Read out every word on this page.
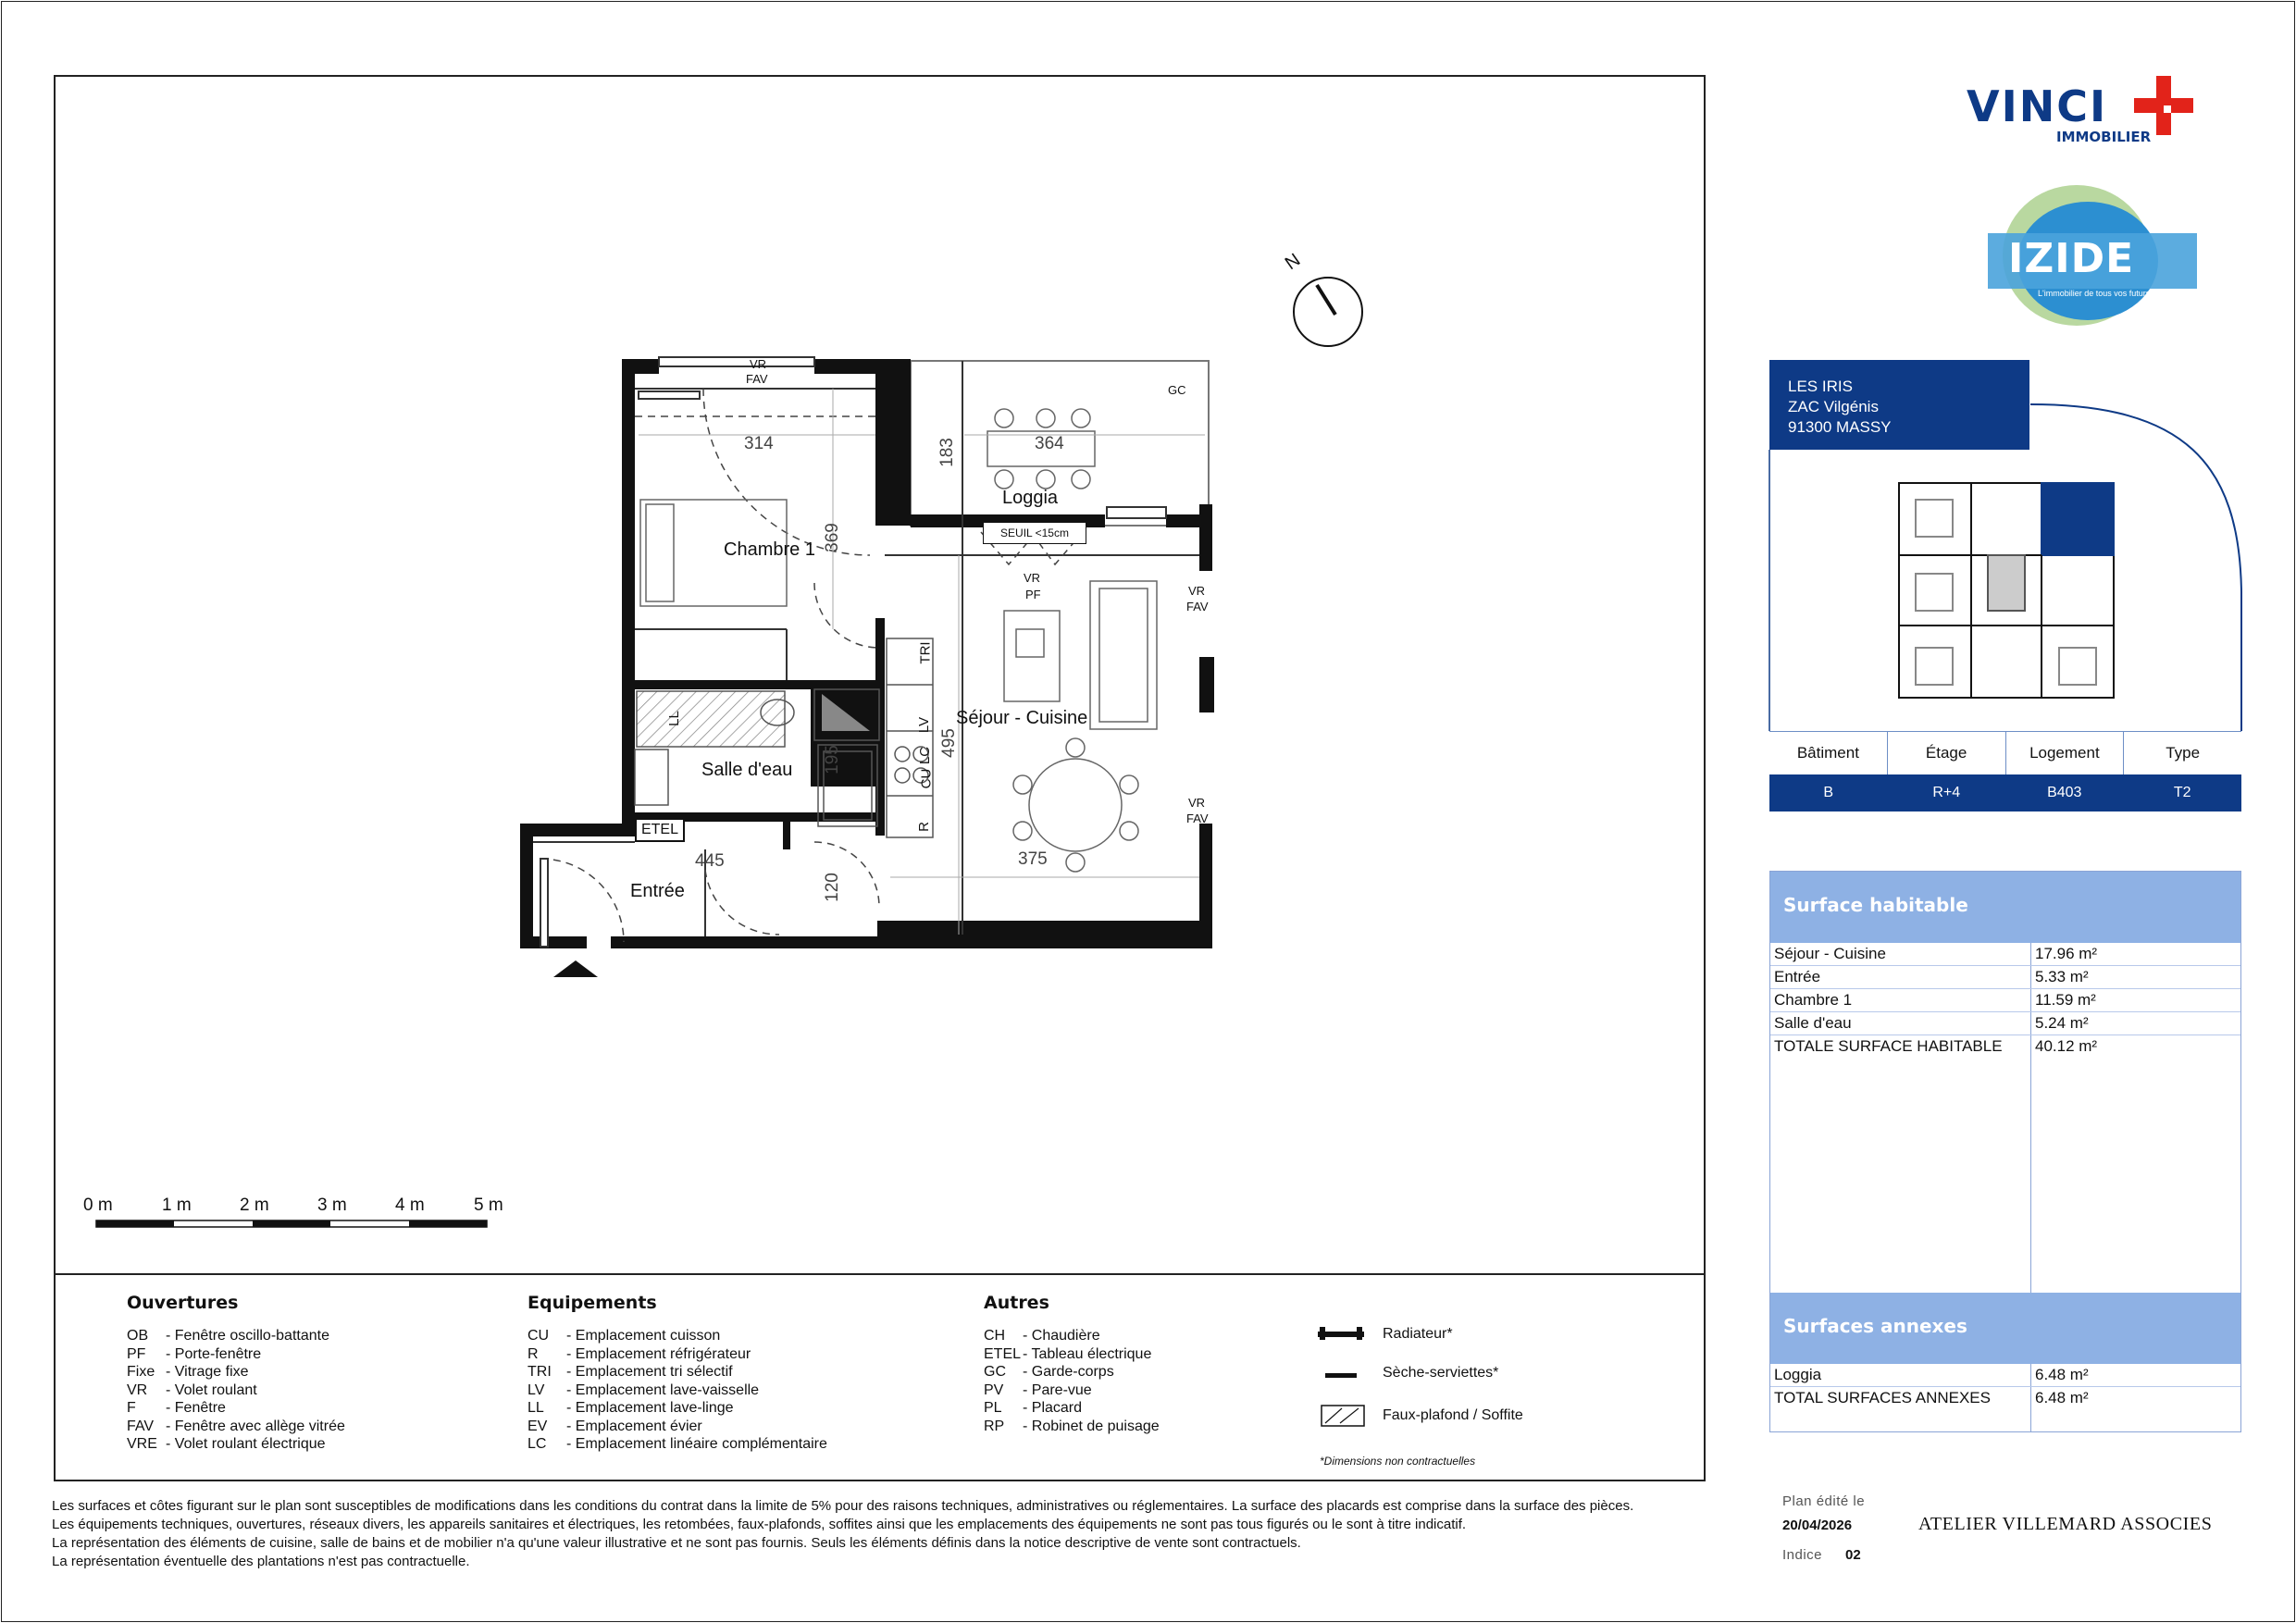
VINCI
IMMOBILIER
IZIDE
L'immobilier de tous vos futurs
N
Chambre 1
Loggia
Séjour - Cuisine
Salle d'eau
Entrée
314	364
183
369
495
375
445
120
195
VR
FAV
GC
SEUIL <15cm
VR
PF	VR
FAV
VR
FAV
ETEL
TRI
LV
R
LL
CU
LC
0 m	1 m	2 m	3 m	4 m	5 m
Ouvertures
OB - Fenêtre oscillo-battante
PF - Porte-fenêtre
Fixe - Vitrage fixe
VR - Volet roulant
F - Fenêtre
FAV - Fenêtre avec allège vitrée
VRE - Volet roulant électrique
Equipements
CU - Emplacement cuisson
R - Emplacement réfrigérateur
TRI - Emplacement tri sélectif
LV - Emplacement lave-vaisselle
LL - Emplacement lave-linge
EV - Emplacement évier
LC - Emplacement linéaire complémentaire
Autres
CH - Chaudière
ETEL - Tableau électrique
GC - Garde-corps
PV - Pare-vue
PL - Placard
RP - Robinet de puisage
Radiateur*
Sèche-serviettes*
Faux-plafond / Soffite
*Dimensions non contractuelles
Les surfaces et côtes figurant sur le plan sont susceptibles de modifications dans les conditions du contrat dans la limite de 5% pour des raisons techniques, administratives ou réglementaires. La surface des placards est comprise dans la surface des pièces.
Les équipements techniques, ouvertures, réseaux divers, les appareils sanitaires et électriques, les retombées, faux-plafonds, soffites ainsi que les emplacements des équipements ne sont pas tous figurés ou le sont à titre indicatif.
La représentation des éléments de cuisine, salle de bains et de mobilier n'a qu'une valeur illustrative et ne sont pas fournis. Seuls les éléments définis dans la notice descriptive de vente sont contractuels.
La représentation éventuelle des plantations n'est pas contractuelle.
LES IRIS
ZAC Vilgénis
91300 MASSY
Bâtiment	Étage	Logement	Type
B	R+4	B403	T2
Surface habitable
Séjour - Cuisine	17.96 m²
Entrée	5.33 m²
Chambre 1	11.59 m²
Salle d'eau	5.24 m²
TOTALE SURFACE HABITABLE	40.12 m²
Surfaces annexes
Loggia	6.48 m²
TOTAL SURFACES ANNEXES	6.48 m²
Plan édité le
20/04/2026
Indice 02
ATELIER VILLEMARD ASSOCIES
